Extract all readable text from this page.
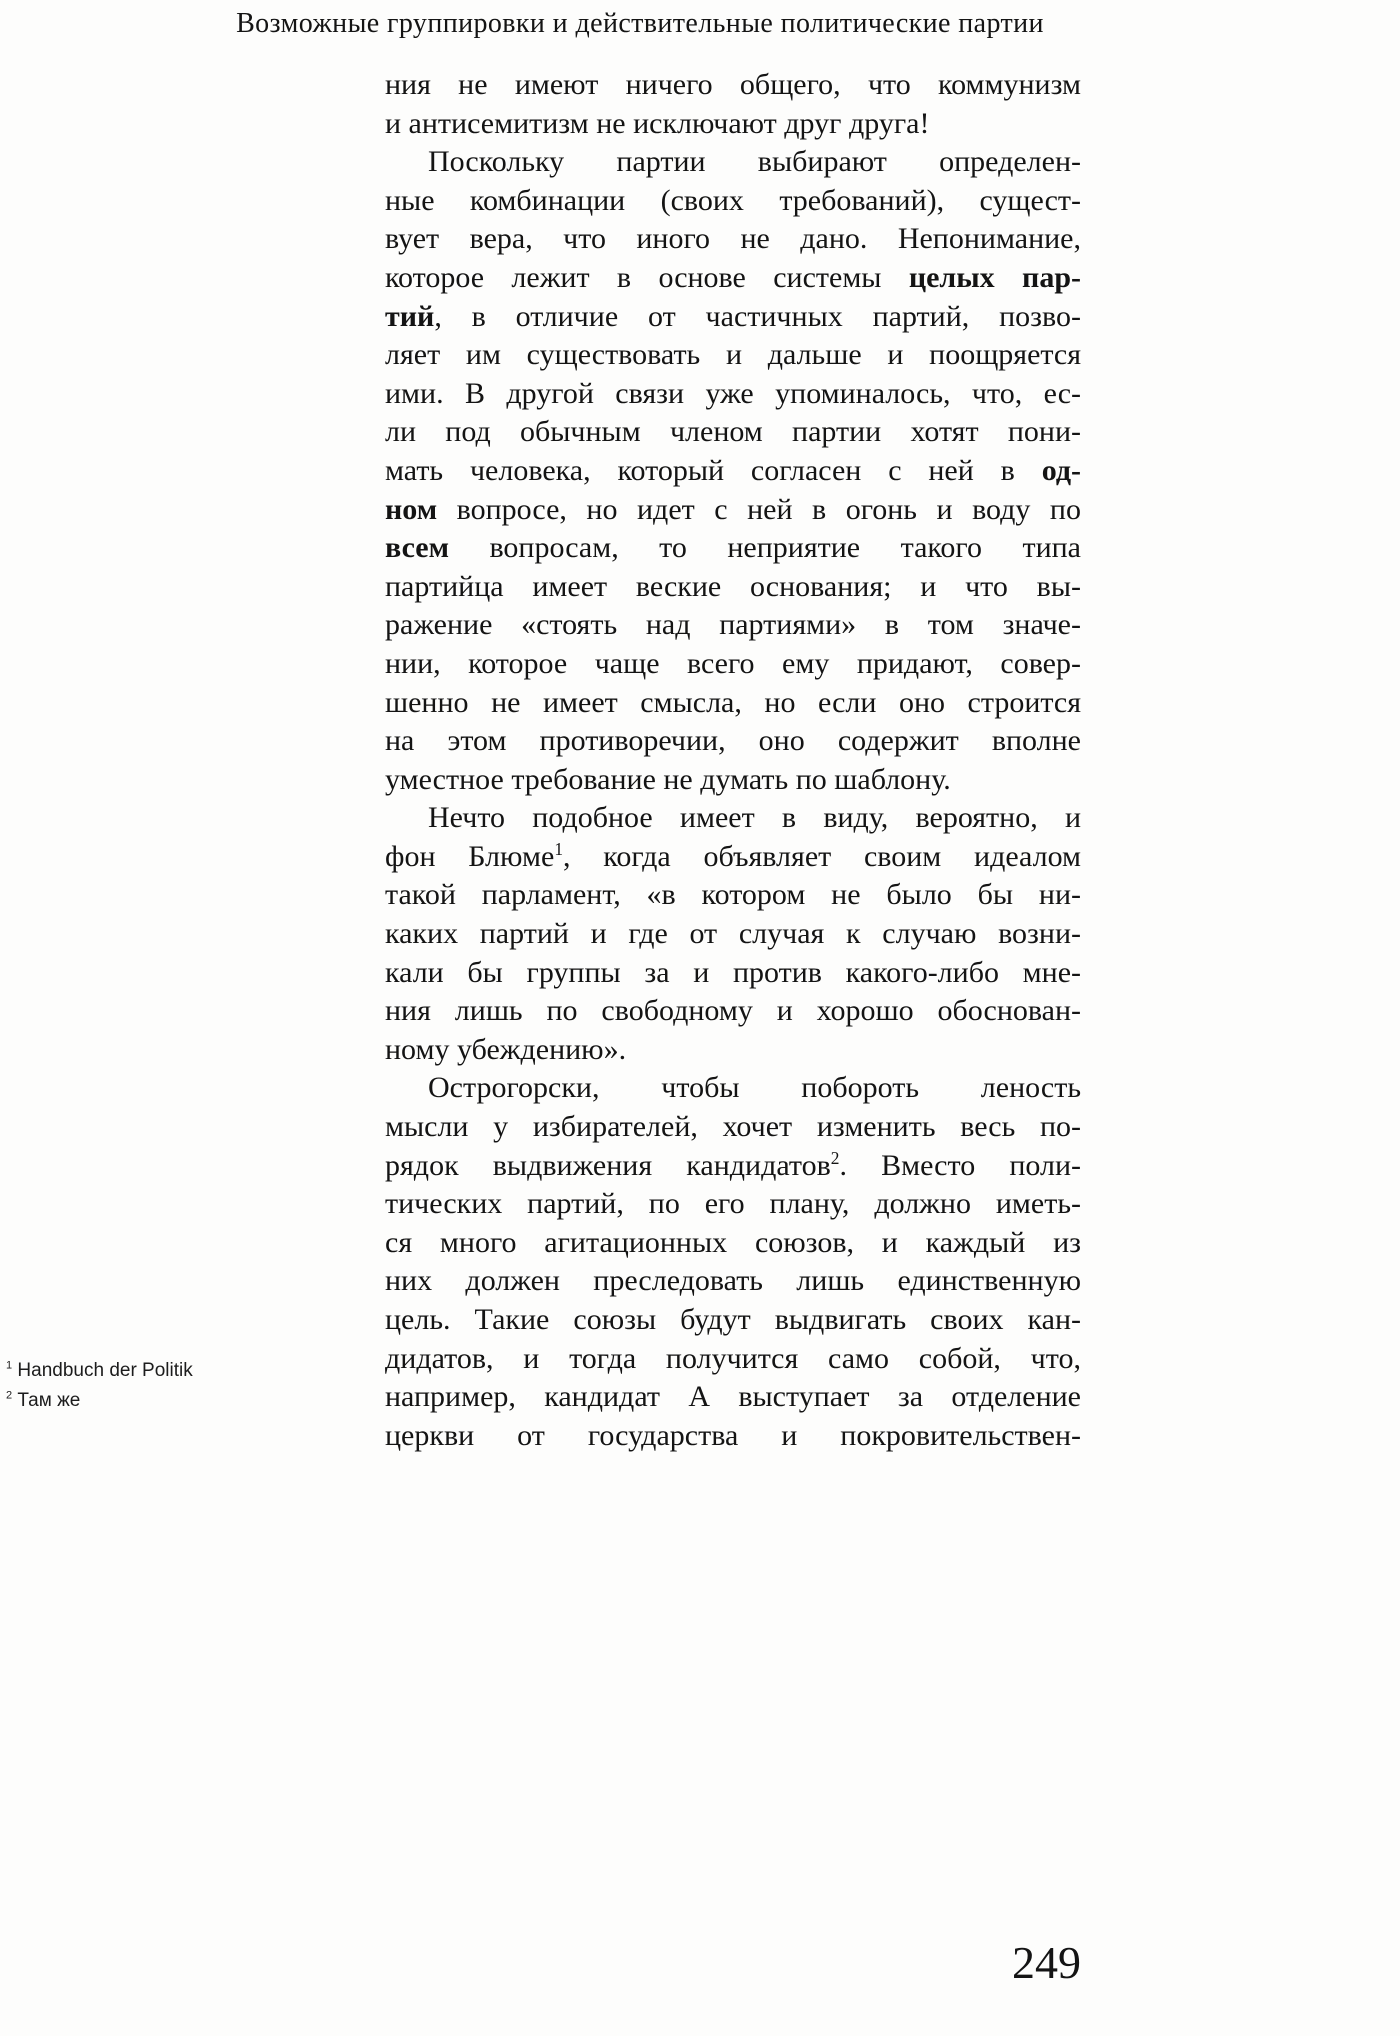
Возможные группировки и действительные политические партии
ния не имеют ничего общего, что коммунизм
и антисемитизм не исключают друг друга!
Поскольку партии выбирают определен-
ные комбинации (своих требований), сущест-
вует вера, что иного не дано. Непонимание,
которое лежит в основе системы целых пар-
тий, в отличие от частичных партий, позво-
ляет им существовать и дальше и поощряется
ими. В другой связи уже упоминалось, что, ес-
ли под обычным членом партии хотят пони-
мать человека, который согласен с ней в од-
ном вопросе, но идет с ней в огонь и воду по
всем вопросам, то неприятие такого типа
партийца имеет веские основания; и что вы-
ражение «стоять над партиями» в том значе-
нии, которое чаще всего ему придают, совер-
шенно не имеет смысла, но если оно строится
на этом противоречии, оно содержит вполне
уместное требование не думать по шаблону.
Нечто подобное имеет в виду, вероятно, и
фон Блюме$^1$, когда объявляет своим идеалом
такой парламент, «в котором не было бы ни-
каких партий и где от случая к случаю возни-
кали бы группы за и против какого-либо мне-
ния лишь по свободному и хорошо обоснован-
ному убеждению».
Острогорски, чтобы побороть леность
мысли у избирателей, хочет изменить весь по-
рядок выдвижения кандидатов$^2$. Вместо поли-
тических партий, по его плану, должно иметь-
ся много агитационных союзов, и каждый из
них должен преследовать лишь единственную
цель. Такие союзы будут выдвигать своих кан-
дидатов, и тогда получится само собой, что,
например, кандидат А выступает за отделение
церкви от государства и покровительствен-
$^1$ Handbuch der Politik
$^2$ Там же
249
